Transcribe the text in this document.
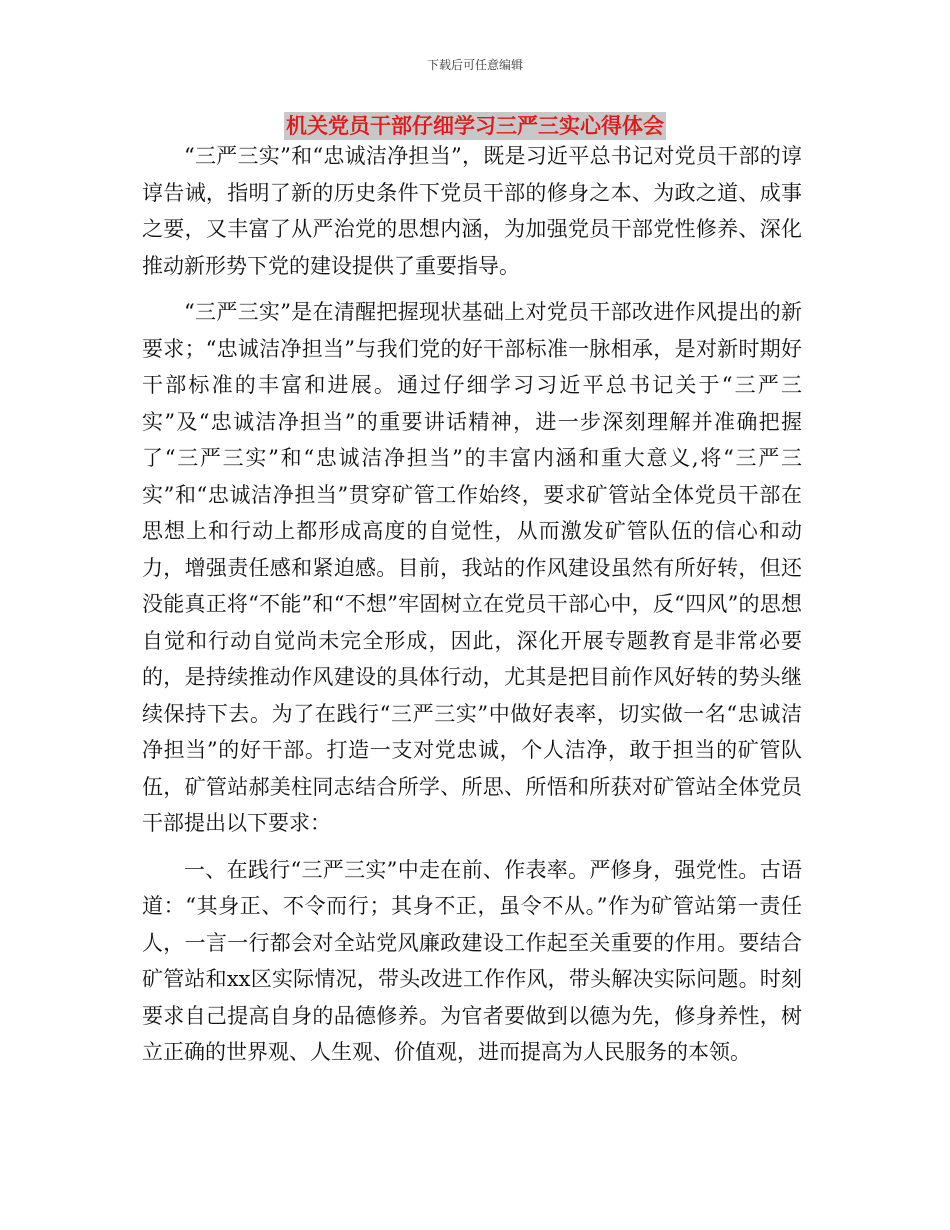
下载后可任意编辑
机关党员干部仔细学习三严三实心得体会

“三严三实”和“忠诚洁净担当”，既是习近平总书记对党员干部的谆谆告诫，指明了新的历史条件下党员干部的修身之本、为政之道、成事之要，又丰富了从严治党的思想内涵，为加强党员干部党性修养、深化推动新形势下党的建设提供了重要指导。

“三严三实”是在清醒把握现状基础上对党员干部改进作风提出的新要求；“忠诚洁净担当”与我们党的好干部标准一脉相承，是对新时期好干部标准的丰富和进展。通过仔细学习习近平总书记关于“三严三实”及“忠诚洁净担当”的重要讲话精神，进一步深刻理解并准确把握了“三严三实”和“忠诚洁净担当”的丰富内涵和重大意义,将“三严三实”和“忠诚洁净担当”贯穿矿管工作始终，要求矿管站全体党员干部在思想上和行动上都形成高度的自觉性，从而激发矿管队伍的信心和动力，增强责任感和紧迫感。目前，我站的作风建设虽然有所好转，但还没能真正将“不能”和“不想”牢固树立在党员干部心中，反“四风”的思想自觉和行动自觉尚未完全形成，因此，深化开展专题教育是非常必要的，是持续推动作风建设的具体行动，尤其是把目前作风好转的势头继续保持下去。为了在践行“三严三实”中做好表率，切实做一名“忠诚洁净担当”的好干部。打造一支对党忠诚，个人洁净，敢于担当的矿管队伍，矿管站郝美柱同志结合所学、所思、所悟和所获对矿管站全体党员干部提出以下要求：

一、在践行“三严三实”中走在前、作表率。严修身，强党性。古语道：“其身正、不令而行；其身不正，虽令不从。”作为矿管站第一责任人，一言一行都会对全站党风廉政建设工作起至关重要的作用。要结合矿管站和xx区实际情况，带头改进工作作风，带头解决实际问题。时刻要求自己提高自身的品德修养。为官者要做到以德为先，修身养性，树立正确的世界观、人生观、价值观，进而提高为人民服务的本领。
